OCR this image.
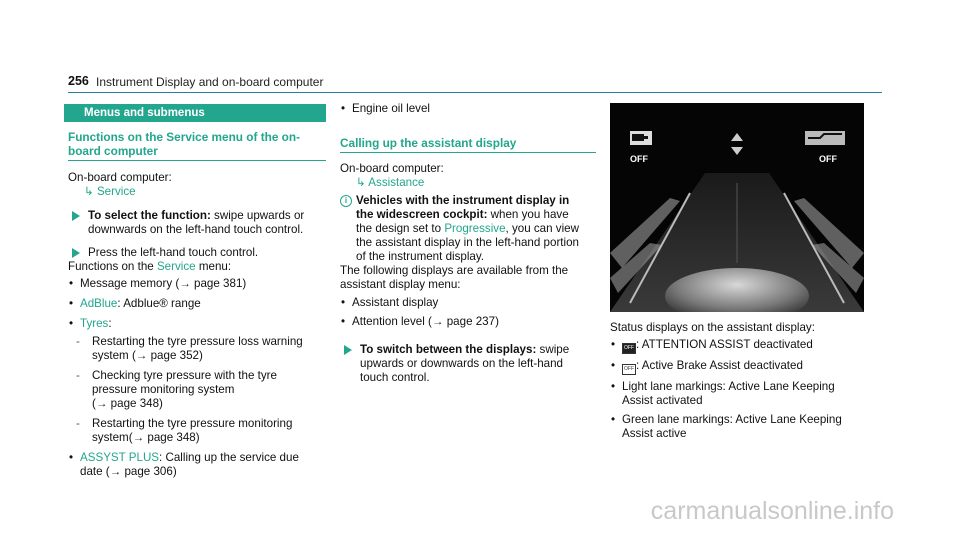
256 Instrument Display and on-board computer
Menus and submenus
Functions on the Service menu of the on-
board computer
On-board computer:
↳ Service
To select the function: swipe upwards or
downwards on the left-hand touch control.
Press the left-hand touch control.
Functions on the Service menu:
• Message memory (→ page 381)
• AdBlue: Adblue® range
• Tyres:
- Restarting the tyre pressure loss warning
system (→ page 352)
- Checking tyre pressure with the tyre
pressure monitoring system
(→ page 348)
- Restarting the tyre pressure monitoring
system(→ page 348)
• ASSYST PLUS: Calling up the service due
date (→ page 306)
• Engine oil level
Calling up the assistant display
On-board computer:
↳ Assistance
i Vehicles with the instrument display in
the widescreen cockpit: when you have
the design set to Progressive, you can view
the assistant display in the left-hand portion
of the instrument display.
The following displays are available from the
assistant display menu:
• Assistant display
• Attention level (→ page 237)
To switch between the displays: swipe
upwards or downwards on the left-hand
touch control.
OFF	OFF
Status displays on the assistant display:
• OFF : ATTENTION ASSIST deactivated
• OFF : Active Brake Assist deactivated
• Light lane markings: Active Lane Keeping
Assist activated
• Green lane markings: Active Lane Keeping
Assist active
carmanualsonline.info
